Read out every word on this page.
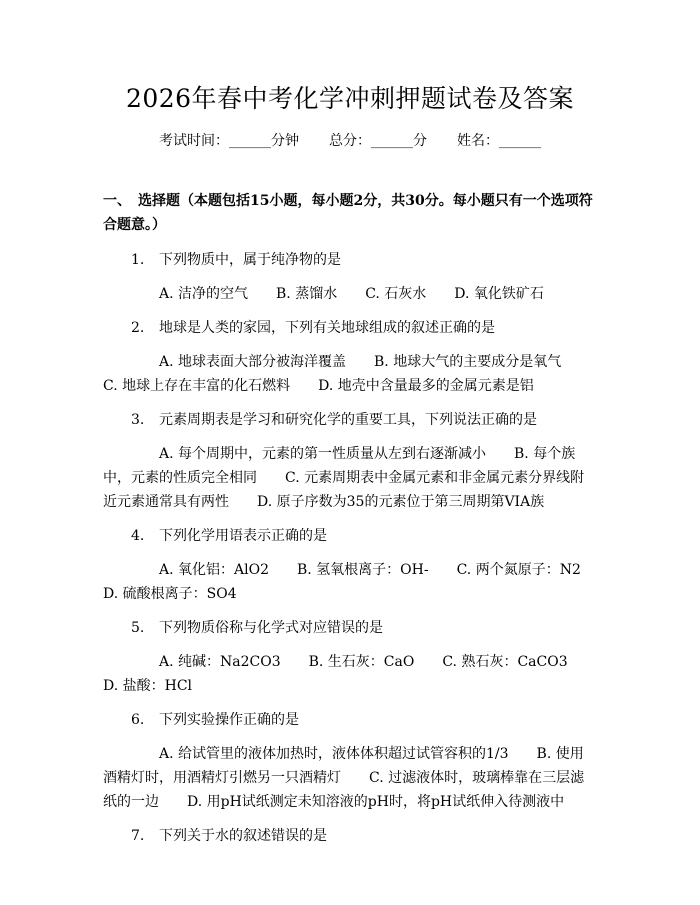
2026年春中考化学冲刺押题试卷及答案
考试时间：______分钟 总分：______分 姓名：______
一、　选择题（本题包括15小题，每小题2分，共30分。每小题只有一个选项符合题意。）
1. 下列物质中，属于纯净物的是
A. 洁净的空气　　B. 蒸馏水　　C. 石灰水　　D. 氧化铁矿石
2. 地球是人类的家园，下列有关地球组成的叙述正确的是
A. 地球表面大部分被海洋覆盖　　B. 地球大气的主要成分是氧气　　C. 地球上存在丰富的化石燃料　　D. 地壳中含量最多的金属元素是铝
3. 元素周期表是学习和研究化学的重要工具，下列说法正确的是
A. 每个周期中，元素的第一性质量从左到右逐渐减小　　B. 每个族中，元素的性质完全相同　　C. 元素周期表中金属元素和非金属元素分界线附近元素通常具有两性　　D. 原子序数为35的元素位于第三周期第VIA族
4. 下列化学用语表示正确的是
A. 氧化铝：AlO2　　B. 氢氧根离子：OH-　　C. 两个氮原子：N2　　D. 硫酸根离子：SO4
5. 下列物质俗称与化学式对应错误的是
A. 纯碱：Na2CO3　　B. 生石灰：CaO　　C. 熟石灰：CaCO3　　D. 盐酸：HCl
6. 下列实验操作正确的是
A. 给试管里的液体加热时，液体体积超过试管容积的1/3　　B. 使用酒精灯时，用酒精灯引燃另一只酒精灯　　C. 过滤液体时，玻璃棒靠在三层滤纸的一边　　D. 用pH试纸测定未知溶液的pH时，将pH试纸伸入待测液中
7. 下列关于水的叙述错误的是
